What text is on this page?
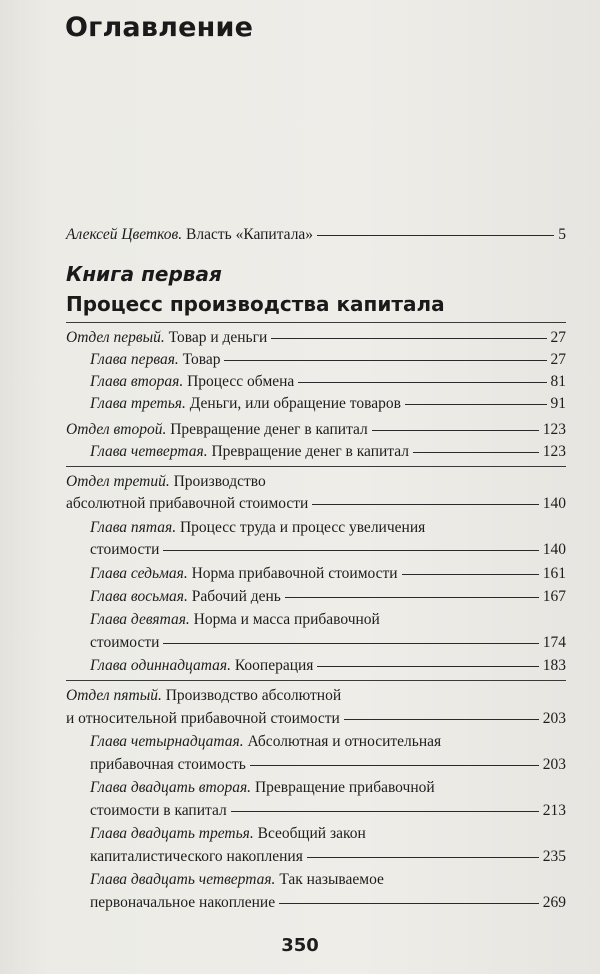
Оглавление
Алексей Цветков. Власть «Капитала»	5
Книга первая
Процесс производства капитала
Отдел первый. Товар и деньги	27
Глава первая. Товар	27
Глава вторая. Процесс обмена	81
Глава третья. Деньги, или обращение товаров	91
Отдел второй. Превращение денег в капитал	123
Глава четвертая. Превращение денег в капитал	123
Отдел третий. Производство
абсолютной прибавочной стоимости	140
Глава пятая. Процесс труда и процесс увеличения
стоимости	140
Глава седьмая. Норма прибавочной стоимости	161
Глава восьмая. Рабочий день	167
Глава девятая. Норма и масса прибавочной
стоимости	174
Глава одиннадцатая. Кооперация	183
Отдел пятый. Производство абсолютной
и относительной прибавочной стоимости	203
Глава четырнадцатая. Абсолютная и относительная
прибавочная стоимость	203
Глава двадцать вторая. Превращение прибавочной
стоимости в капитал	213
Глава двадцать третья. Всеобщий закон
капиталистического накопления	235
Глава двадцать четвертая. Так называемое
первоначальное накопление	269
350
